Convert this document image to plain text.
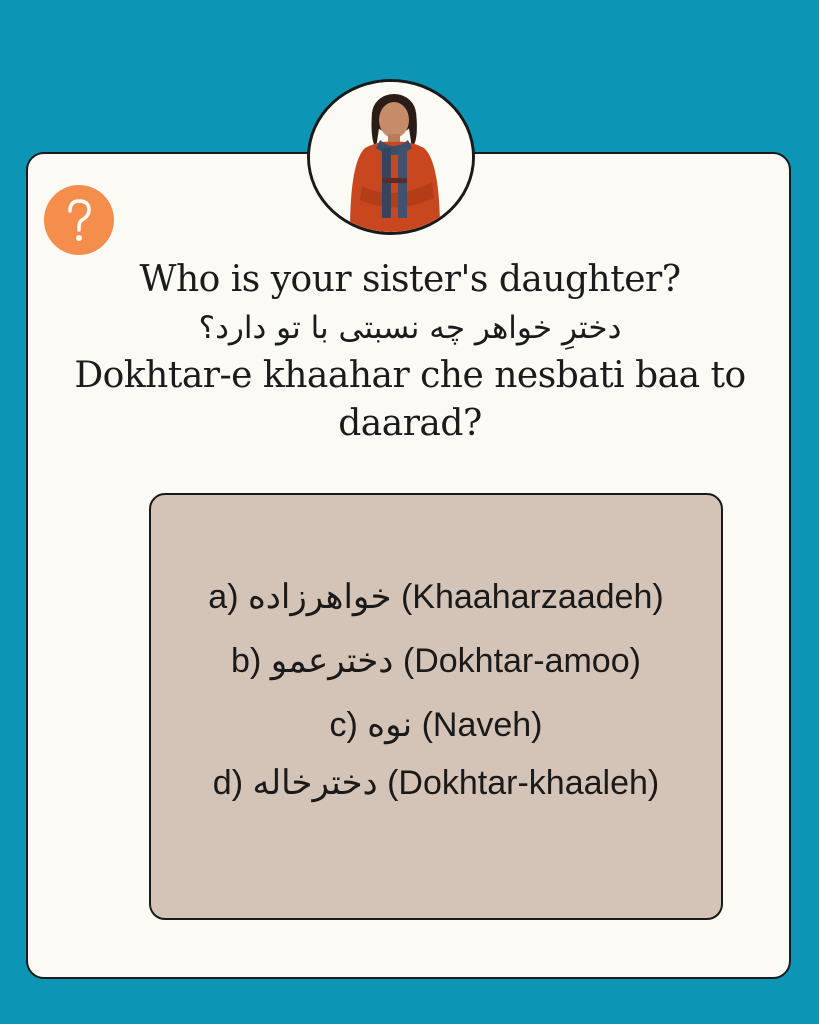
Who is your sister's daughter?
دخترِ خواهر چه نسبتی با تو دارد؟
Dokhtar-e khaahar che nesbati baa to
daarad?
a) خواهرزاده (Khaaharzaadeh)
b) دخترعمو (Dokhtar-amoo)
c) نوه (Naveh)
d) دخترخاله (Dokhtar-khaaleh)
